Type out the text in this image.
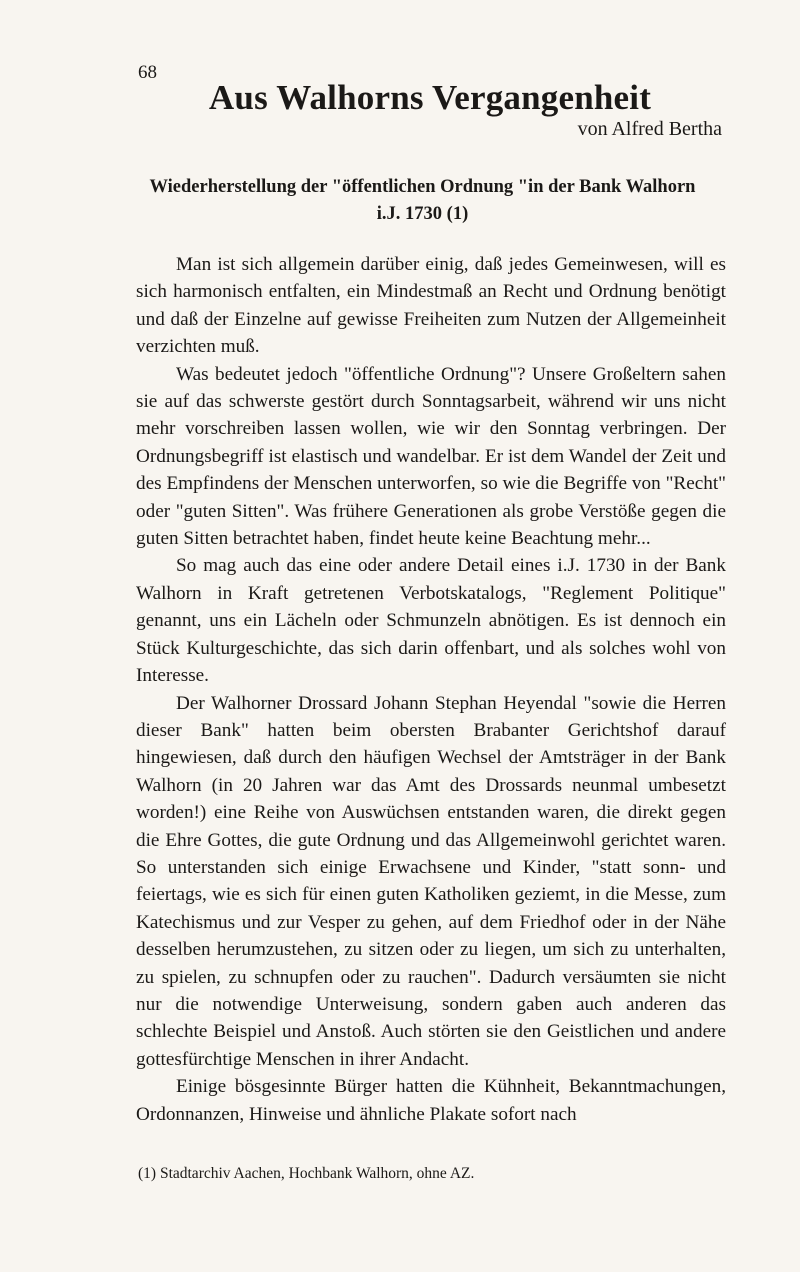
68
Aus Walhorns Vergangenheit
von Alfred Bertha
Wiederherstellung der "öffentlichen Ordnung "in der Bank Walhorn i.J. 1730 (1)

Man ist sich allgemein darüber einig, daß jedes Gemeinwesen, will es sich harmonisch entfalten, ein Mindestmaß an Recht und Ordnung benötigt und daß der Einzelne auf gewisse Freiheiten zum Nutzen der Allgemeinheit verzichten muß.

Was bedeutet jedoch "öffentliche Ordnung"? Unsere Großeltern sahen sie auf das schwerste gestört durch Sonntagsarbeit, während wir uns nicht mehr vorschreiben lassen wollen, wie wir den Sonntag verbringen. Der Ordnungsbegriff ist elastisch und wandelbar. Er ist dem Wandel der Zeit und des Empfindens der Menschen unterworfen, so wie die Begriffe von "Recht" oder "guten Sitten". Was frühere Generationen als grobe Verstöße gegen die guten Sitten betrachtet haben, findet heute keine Beachtung mehr...

So mag auch das eine oder andere Detail eines i.J. 1730 in der Bank Walhorn in Kraft getretenen Verbotskatalogs, "Reglement Politique" genannt, uns ein Lächeln oder Schmunzeln abnötigen. Es ist dennoch ein Stück Kulturgeschichte, das sich darin offenbart, und als solches wohl von Interesse.

Der Walhorner Drossard Johann Stephan Heyendal "sowie die Herren dieser Bank" hatten beim obersten Brabanter Gerichtshof darauf hingewiesen, daß durch den häufigen Wechsel der Amtsträger in der Bank Walhorn (in 20 Jahren war das Amt des Drossards neunmal umbesetzt worden!) eine Reihe von Auswüchsen entstanden waren, die direkt gegen die Ehre Gottes, die gute Ordnung und das Allgemeinwohl gerichtet waren. So unterstanden sich einige Erwachsene und Kinder, "statt sonn- und feiertags, wie es sich für einen guten Katholiken geziemt, in die Messe, zum Katechismus und zur Vesper zu gehen, auf dem Friedhof oder in der Nähe desselben herumzustehen, zu sitzen oder zu liegen, um sich zu unterhalten, zu spielen, zu schnupfen oder zu rauchen". Dadurch versäumten sie nicht nur die notwendige Unterweisung, sondern gaben auch anderen das schlechte Beispiel und Anstoß. Auch störten sie den Geistlichen und andere gottesfürchtige Menschen in ihrer Andacht.

Einige bösgesinnte Bürger hatten die Kühnheit, Bekanntmachungen, Ordonnanzen, Hinweise und ähnliche Plakate sofort nach

(1) Stadtarchiv Aachen, Hochbank Walhorn, ohne AZ.
